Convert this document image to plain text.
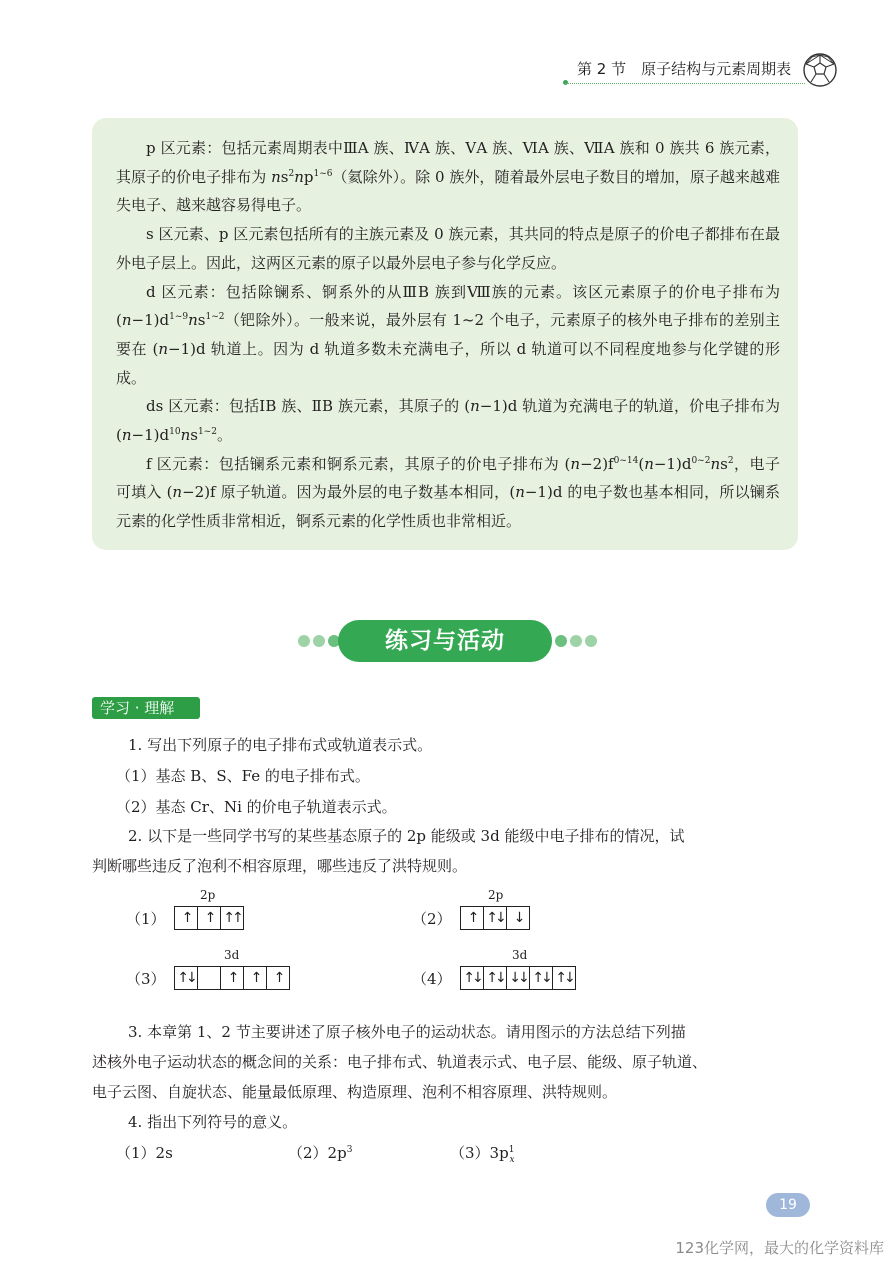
第 2 节　原子结构与元素周期表

p 区元素：包括元素周期表中ⅢA 族、ⅣA 族、ⅤA 族、ⅥA 族、ⅦA 族和 0 族共 6 族元素，其原子的价电子排布为 $ns^2np^{1\sim 6}$（氦除外）。除 0 族外，随着最外层电子数目的增加，原子越来越难失电子、越来越容易得电子。

s 区元素、p 区元素包括所有的主族元素及 0 族元素，其共同的特点是原子的价电子都排布在最外电子层上。因此，这两区元素的原子以最外层电子参与化学反应。

d 区元素：包括除镧系、锕系外的从ⅢB 族到Ⅷ族的元素。该区元素原子的价电子排布为 $(n-1)d^{1\sim 9}ns^{1\sim 2}$（钯除外）。一般来说，最外层有 1~2 个电子，元素原子的核外电子排布的差别主要在 (n−1)d 轨道上。因为 d 轨道多数未充满电子，所以 d 轨道可以不同程度地参与化学键的形成。

ds 区元素：包括ⅠB 族、ⅡB 族元素，其原子的 (n−1)d 轨道为充满电子的轨道，价电子排布为 $(n-1)d^{10}ns^{1\sim 2}$。

f 区元素：包括镧系元素和锕系元素，其原子的价电子排布为 $(n-2)f^{0\sim 14}(n-1)d^{0\sim 2}ns^2$，电子可填入 (n−2)f 原子轨道。因为最外层的电子数基本相同，(n−1)d 的电子数也基本相同，所以镧系元素的化学性质非常相近，锕系元素的化学性质也非常相近。

练习与活动
学习 · 理解
1. 写出下列原子的电子排布式或轨道表示式。
（1）基态 B、S、Fe 的电子排布式。
（2）基态 Cr、Ni 的价电子轨道表示式。
2. 以下是一些同学书写的某些基态原子的 2p 能级或 3d 能级中电子排布的情况，试
判断哪些违反了泡利不相容原理，哪些违反了洪特规则。
（1）
2p
↑	↑ ↑↑	（2）
2p
↑ ↑↓ ↓
（3）
3d
↑↓	↑	↑	↑	（4）
3d
↑↓ ↑↓ ↓↓ ↑↓ ↑↓
3. 本章第 1、2 节主要讲述了原子核外电子的运动状态。请用图示的方法总结下列描
述核外电子运动状态的概念间的关系：电子排布式、轨道表示式、电子层、能级、原子轨道、
电子云图、自旋状态、能量最低原理、构造原理、泡利不相容原理、洪特规则。
4. 指出下列符号的意义。
（1）2s	$(2)2p^3$	$(3)3p^1_x$
19
123化学网，最大的化学资料库
